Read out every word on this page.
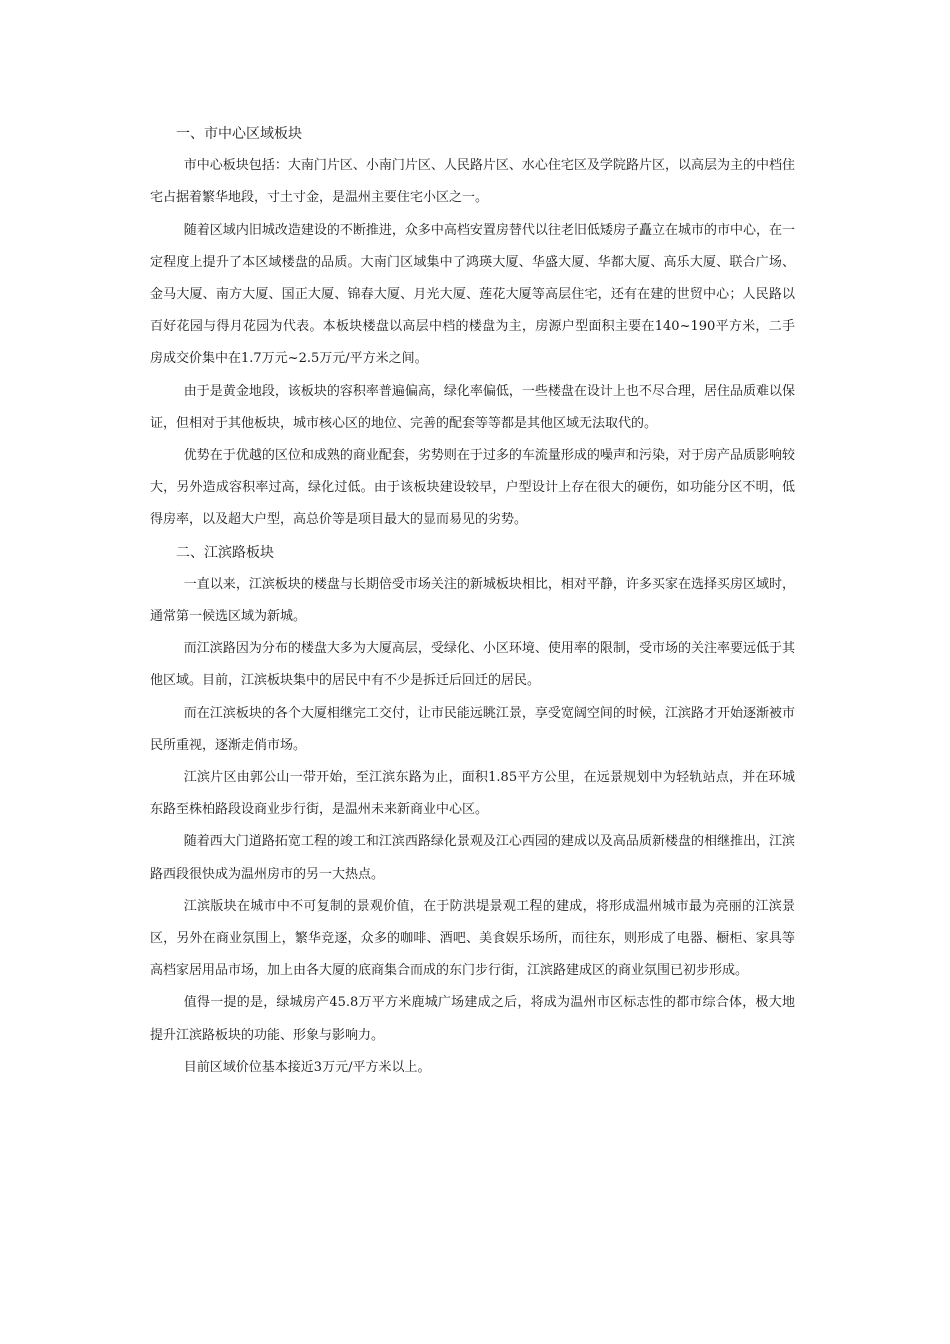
一、市中心区域板块

市中心板块包括：大南门片区、小南门片区、人民路片区、水心住宅区及学院路片区，以高层为主的中档住宅占据着繁华地段，寸土寸金，是温州主要住宅小区之一。

随着区域内旧城改造建设的不断推进，众多中高档安置房替代以往老旧低矮房子矗立在城市的市中心，在一定程度上提升了本区域楼盘的品质。大南门区域集中了鸿瑛大厦、华盛大厦、华都大厦、高乐大厦、联合广场、金马大厦、南方大厦、国正大厦、锦春大厦、月光大厦、莲花大厦等高层住宅，还有在建的世贸中心；人民路以百好花园与得月花园为代表。本板块楼盘以高层中档的楼盘为主，房源户型面积主要在140~190平方米，二手房成交价集中在1.7万元~2.5万元/平方米之间。

由于是黄金地段，该板块的容积率普遍偏高，绿化率偏低，一些楼盘在设计上也不尽合理，居住品质难以保证，但相对于其他板块，城市核心区的地位、完善的配套等等都是其他区域无法取代的。

优势在于优越的区位和成熟的商业配套，劣势则在于过多的车流量形成的噪声和污染，对于房产品质影响较大，另外造成容积率过高，绿化过低。由于该板块建设较早，户型设计上存在很大的硬伤，如功能分区不明，低得房率，以及超大户型，高总价等是项目最大的显而易见的劣势。

二、江滨路板块

一直以来，江滨板块的楼盘与长期倍受市场关注的新城板块相比，相对平静，许多买家在选择买房区域时，通常第一候选区域为新城。

而江滨路因为分布的楼盘大多为大厦高层，受绿化、小区环境、使用率的限制，受市场的关注率要远低于其他区域。目前，江滨板块集中的居民中有不少是拆迁后回迁的居民。

而在江滨板块的各个大厦相继完工交付，让市民能远眺江景，享受宽阔空间的时候，江滨路才开始逐渐被市民所重视，逐渐走俏市场。

江滨片区由郭公山一带开始，至江滨东路为止，面积1.85平方公里，在远景规划中为轻轨站点，并在环城东路至株柏路段设商业步行街，是温州未来新商业中心区。

随着西大门道路拓宽工程的竣工和江滨西路绿化景观及江心西园的建成以及高品质新楼盘的相继推出，江滨路西段很快成为温州房市的另一大热点。

江滨版块在城市中不可复制的景观价值，在于防洪堤景观工程的建成，将形成温州城市最为亮丽的江滨景区，另外在商业氛围上，繁华竞逐，众多的咖啡、酒吧、美食娱乐场所，而往东，则形成了电器、橱柜、家具等高档家居用品市场，加上由各大厦的底商集合而成的东门步行街，江滨路建成区的商业氛围已初步形成。

值得一提的是，绿城房产45.8万平方米鹿城广场建成之后，将成为温州市区标志性的都市综合体，极大地提升江滨路板块的功能、形象与影响力。

目前区域价位基本接近3万元/平方米以上。
